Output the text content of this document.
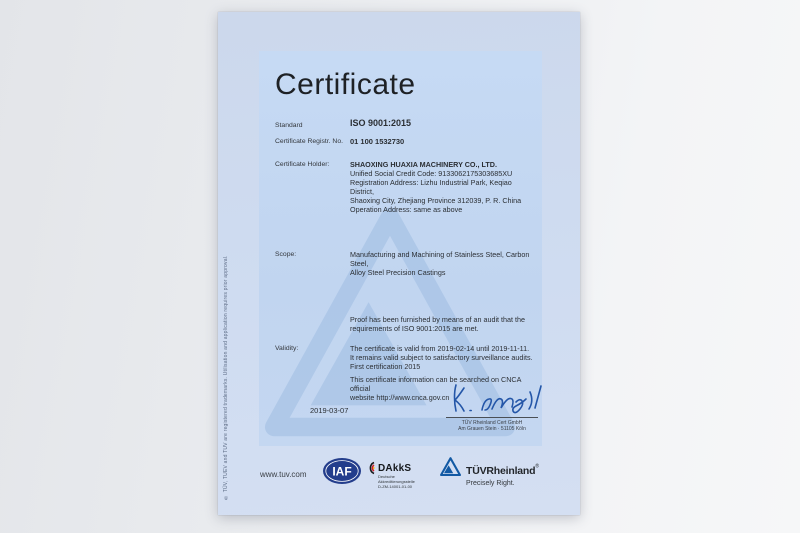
Certificate
Standard	ISO 9001:2015
Certificate Registr. No. 01 100 1532730
Certificate Holder:	SHAOXING HUAXIA MACHINERY CO., LTD.
Unified Social Credit Code: 9133062175303685XU
Registration Address: Lizhu Industrial Park, Keqiao District,
Shaoxing City, Zhejiang Province 312039, P. R. China
Operation Address: same as above
Scope:	Manufacturing and Machining of Stainless Steel, Carbon Steel,
Alloy Steel Precision Castings
Proof has been furnished by means of an audit that the
requirements of ISO 9001:2015 are met.
Validity:	The certificate is valid from 2019-02-14 until 2019-11-11.
It remains valid subject to satisfactory surveillance audits.
First certification 2015
This certificate information can be searched on CNCA official
website http://www.cnca.gov.cn
2019-03-07
TÜV Rheinland Cert GmbH
Am Grauen Stein · 51105 Köln
® TÜV, TUEV and TUV are registered trademarks. Utilisation and application requires prior approval.	www.tuv.com IAF	DAkkS
Deutsche
Akkreditierungsstelle
D-ZM-14001-01-00
TÜVRheinland®
Precisely Right.
